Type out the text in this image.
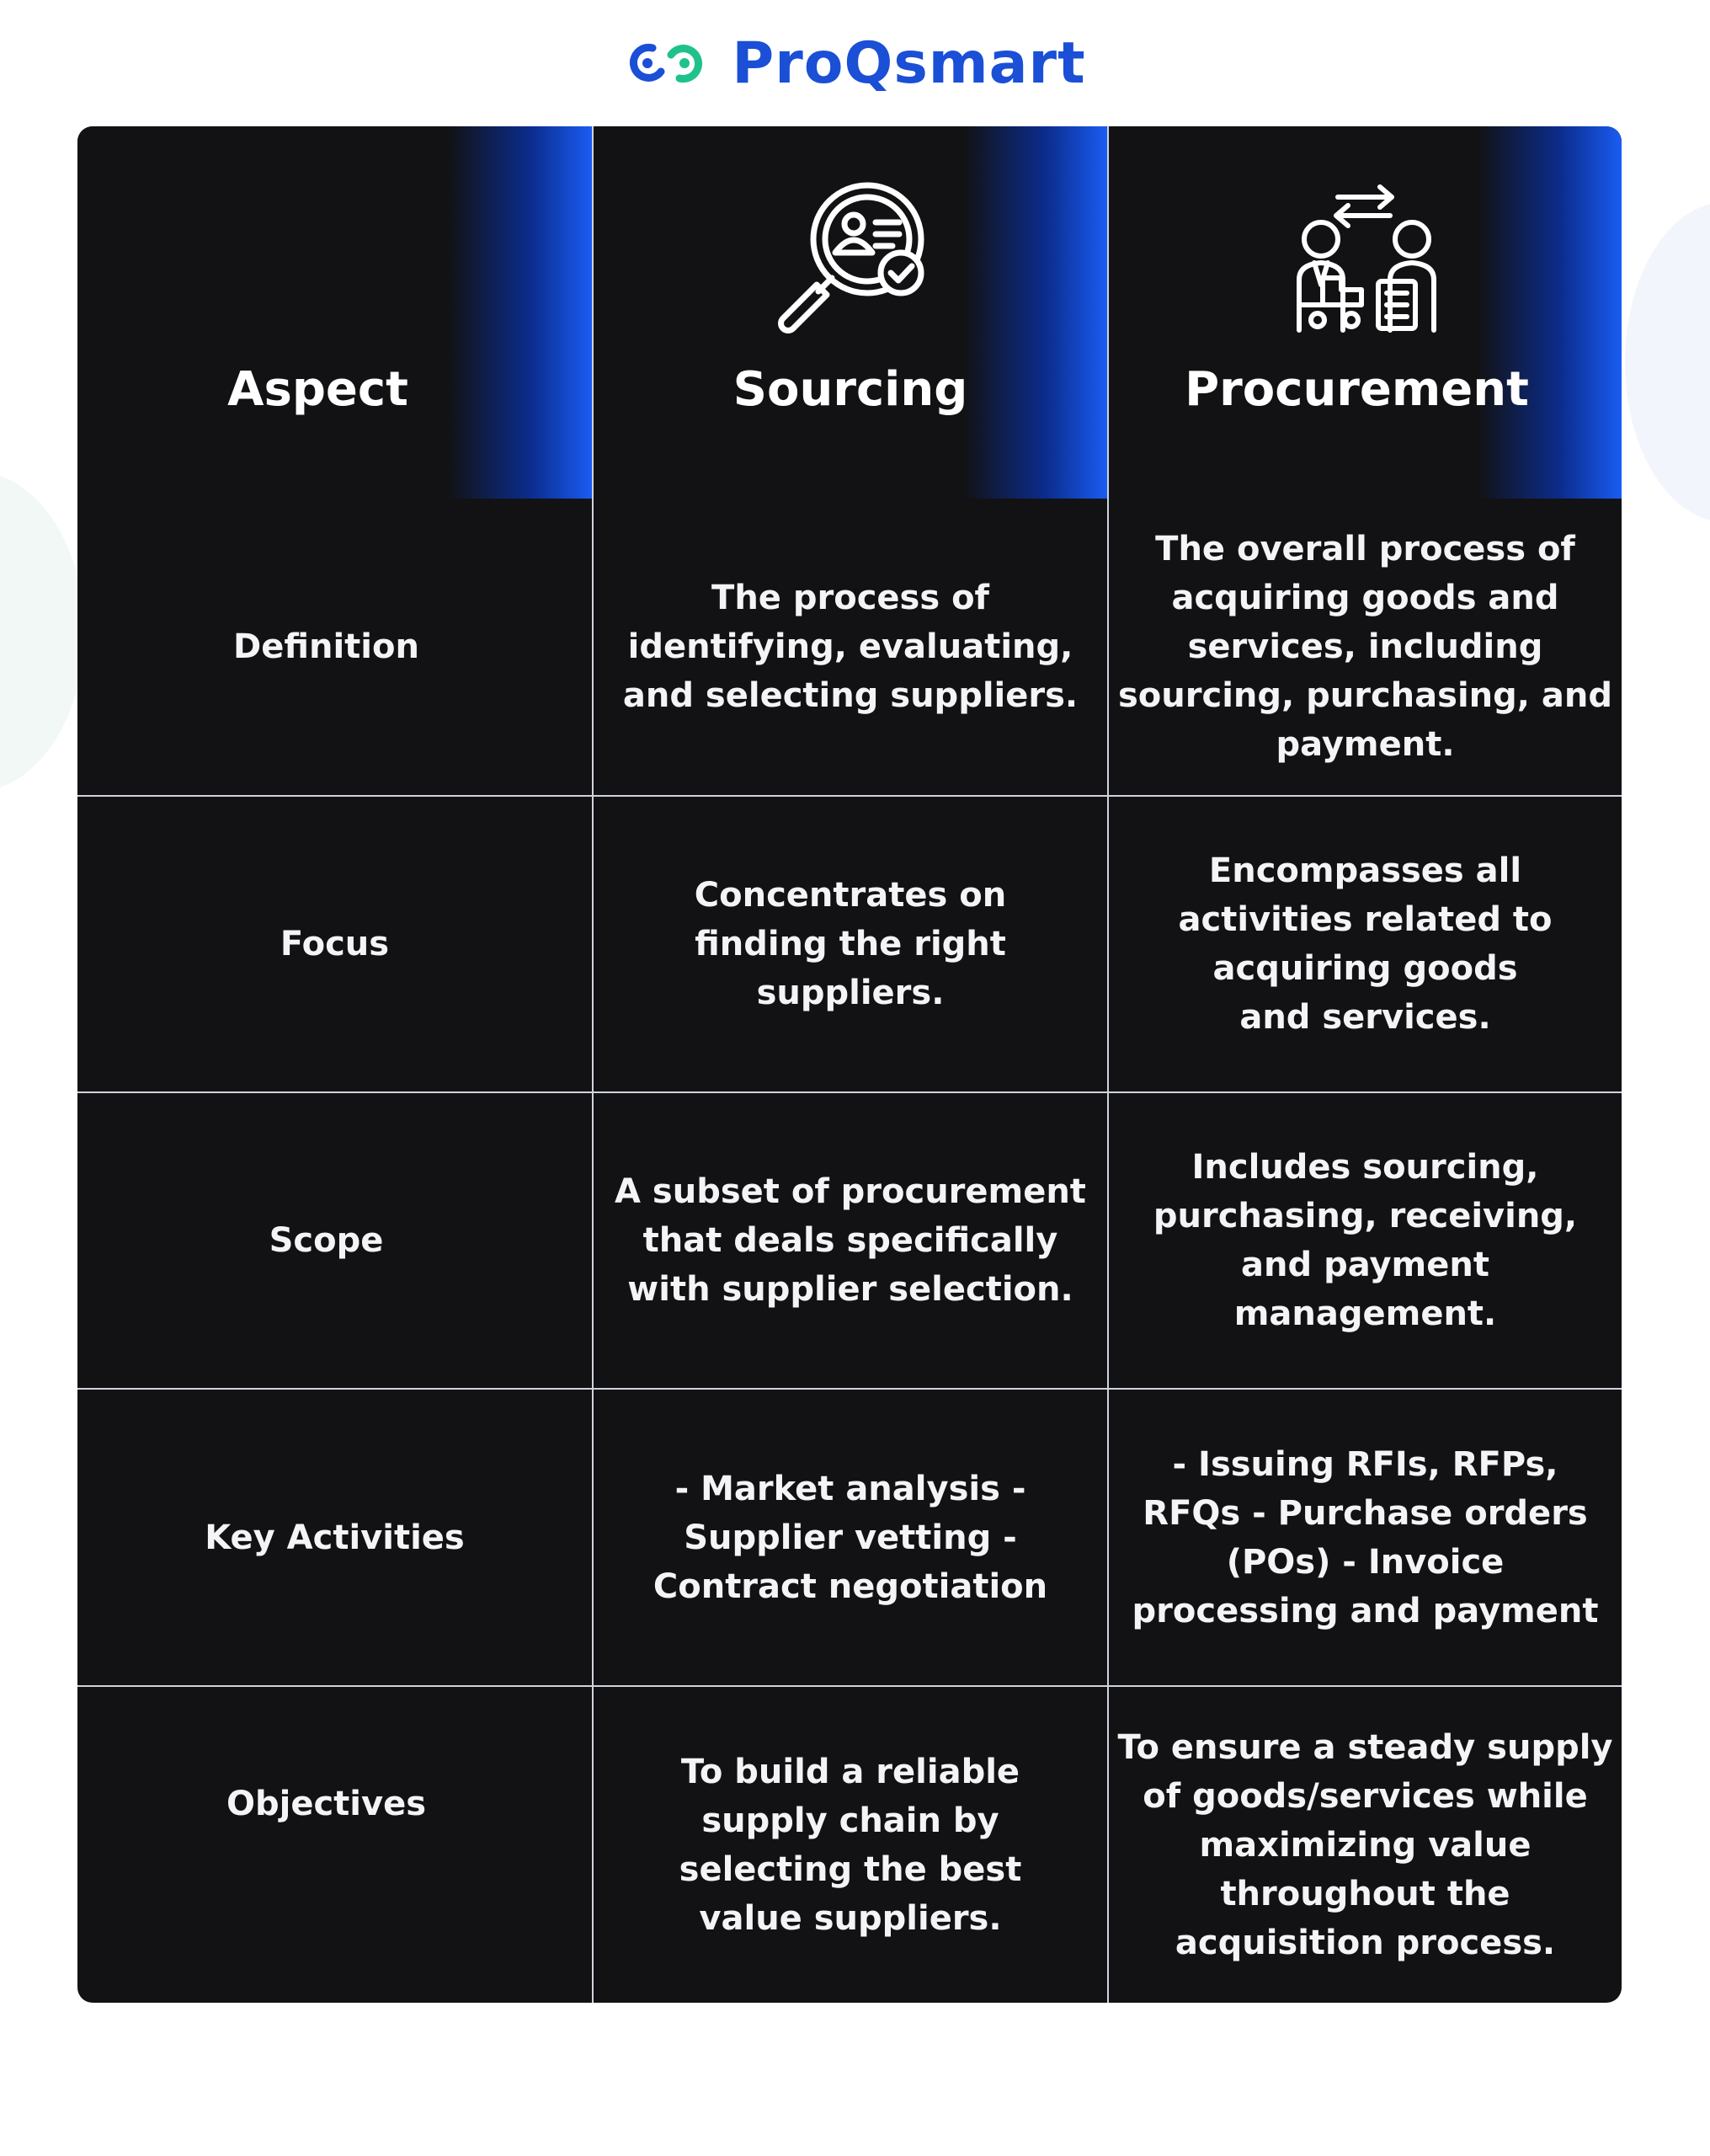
ProQsmart
Aspect	Sourcing	Procurement
Definition
The process of identifying, evaluating, and selecting suppliers.
The overall process of acquiring goods and services, including sourcing, purchasing, and payment.
Focus
Concentrates on finding the right suppliers.
Encompasses all activities related to acquiring goods and services.
Scope
A subset of procurement that deals specifically with supplier selection.
Includes sourcing, purchasing, receiving, and payment management.
Key Activities
- Market analysis - Supplier vetting - Contract negotiation
- Issuing RFIs, RFPs, RFQs - Purchase orders (POs) - Invoice processing and payment
Objectives
To build a reliable supply chain by selecting the best value suppliers.
To ensure a steady supply of goods/services while maximizing value throughout the acquisition process.
